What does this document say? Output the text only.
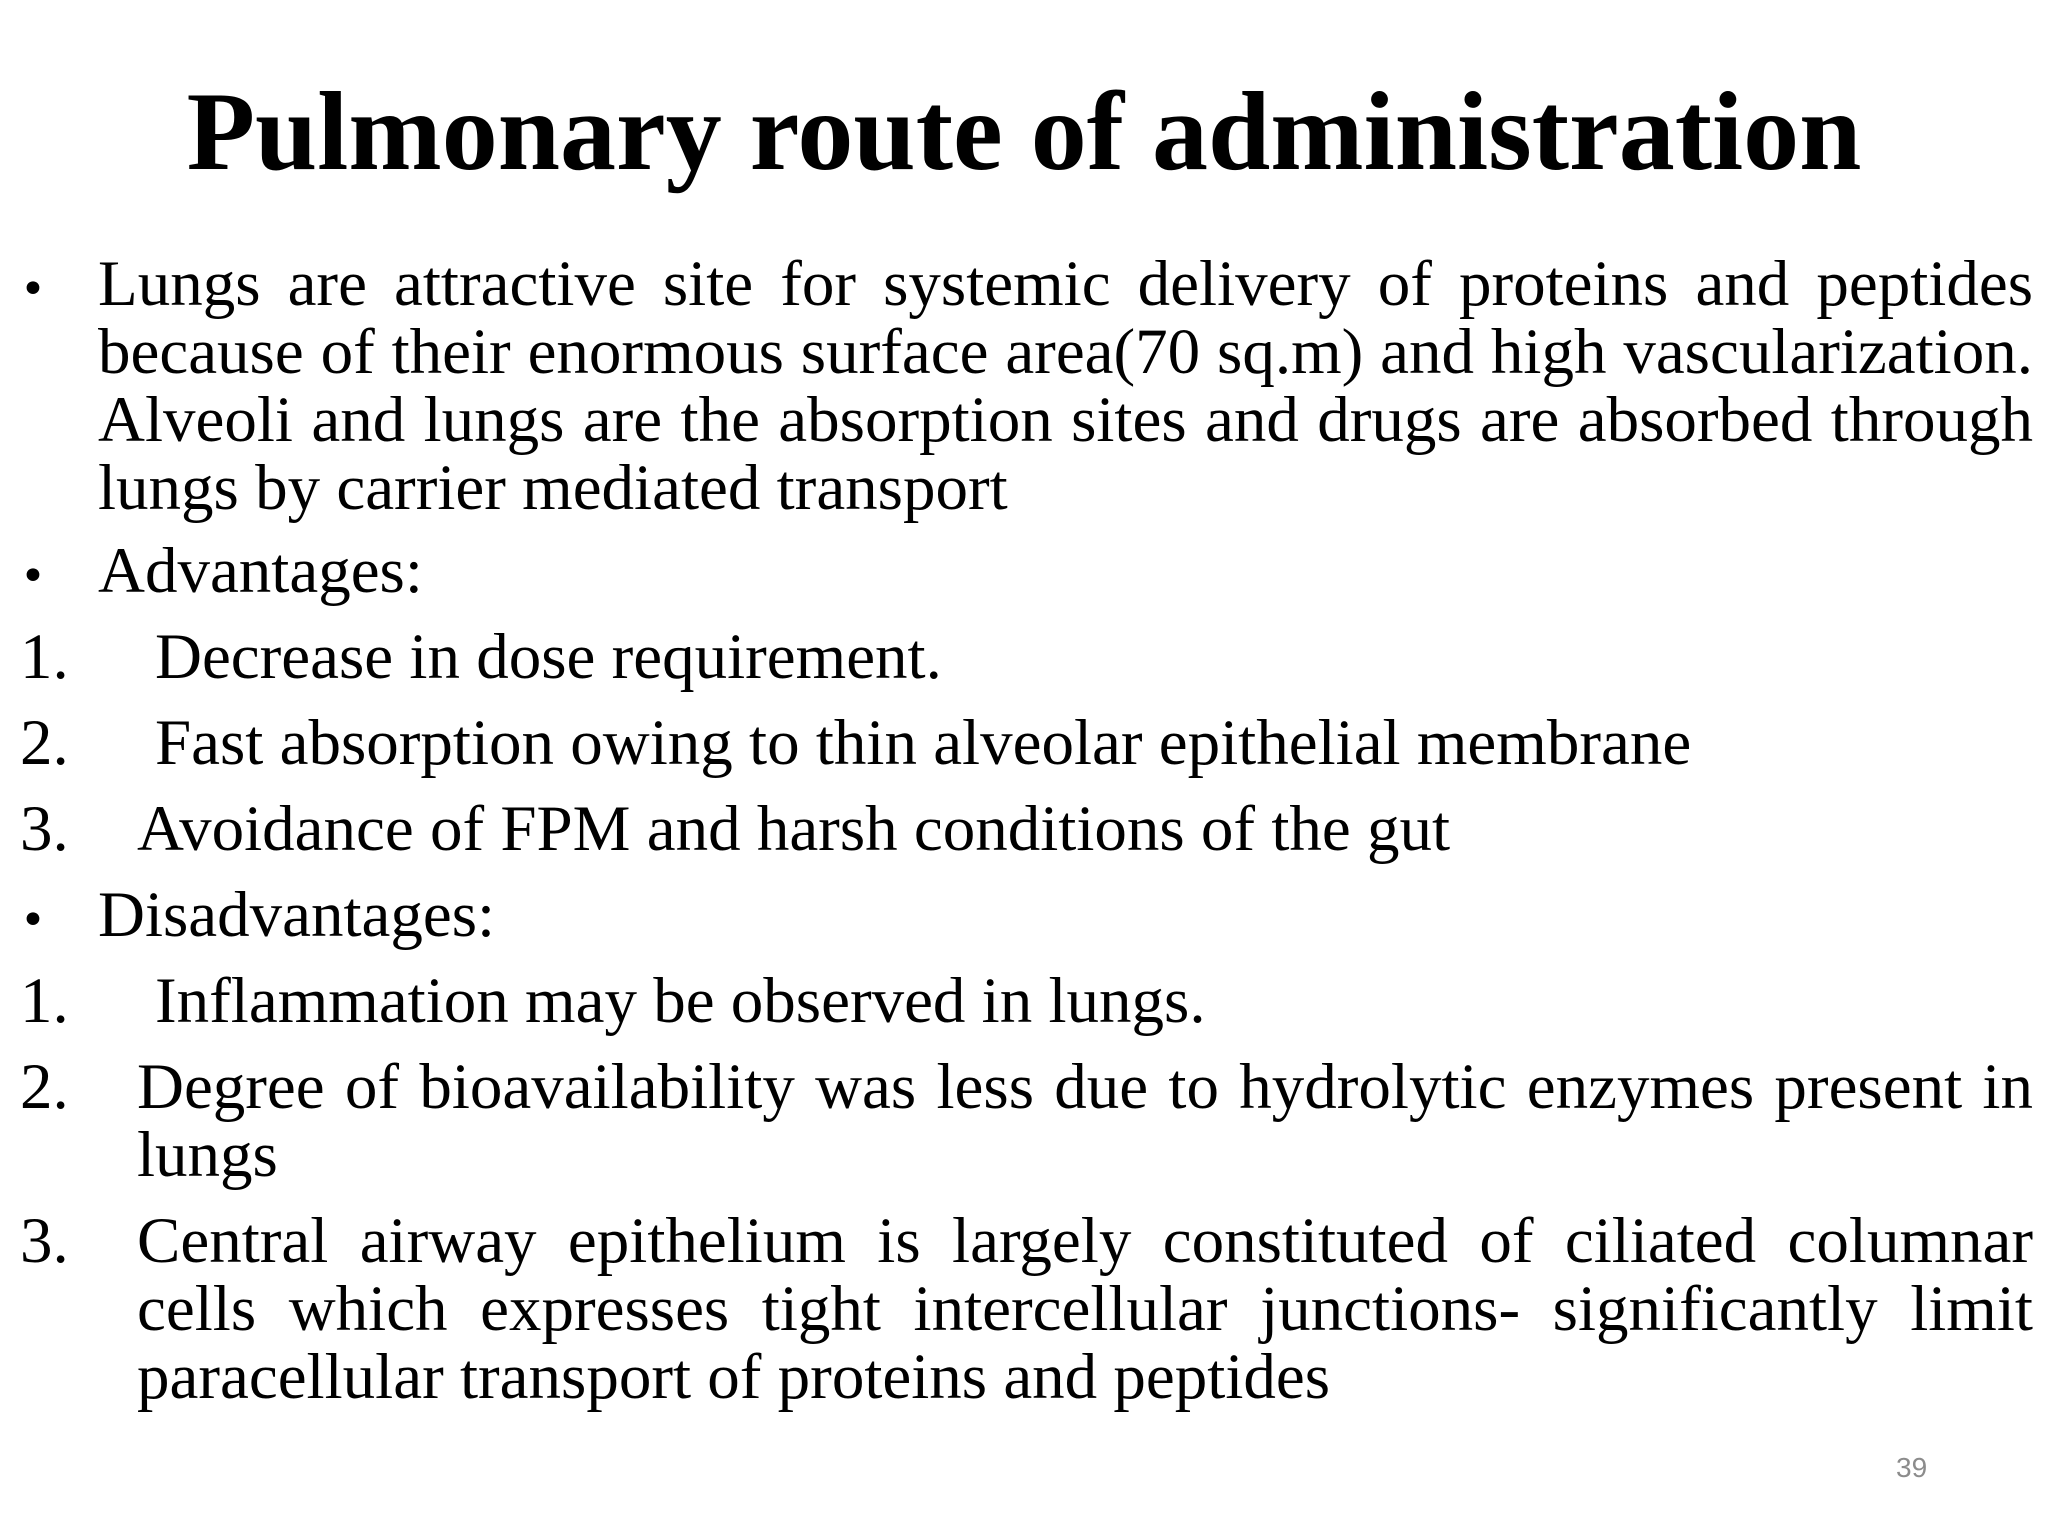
Pulmonary route of administration
• Lungs are attractive site for systemic delivery of proteins and peptides because of their enormous surface area(70 sq.m) and high vascularization. Alveoli and lungs are the absorption sites and drugs are absorbed through lungs by carrier mediated transport
• Advantages:
1. Decrease in dose requirement.
2. Fast absorption owing to thin alveolar epithelial membrane
3. Avoidance of FPM and harsh conditions of the gut
• Disadvantages:
1. Inflammation may be observed in lungs.
2. Degree of bioavailability was less due to hydrolytic enzymes present in lungs
3. Central airway epithelium is largely constituted of ciliated columnar cells which expresses tight intercellular junctions- significantly limit paracellular transport of proteins and peptides
39
